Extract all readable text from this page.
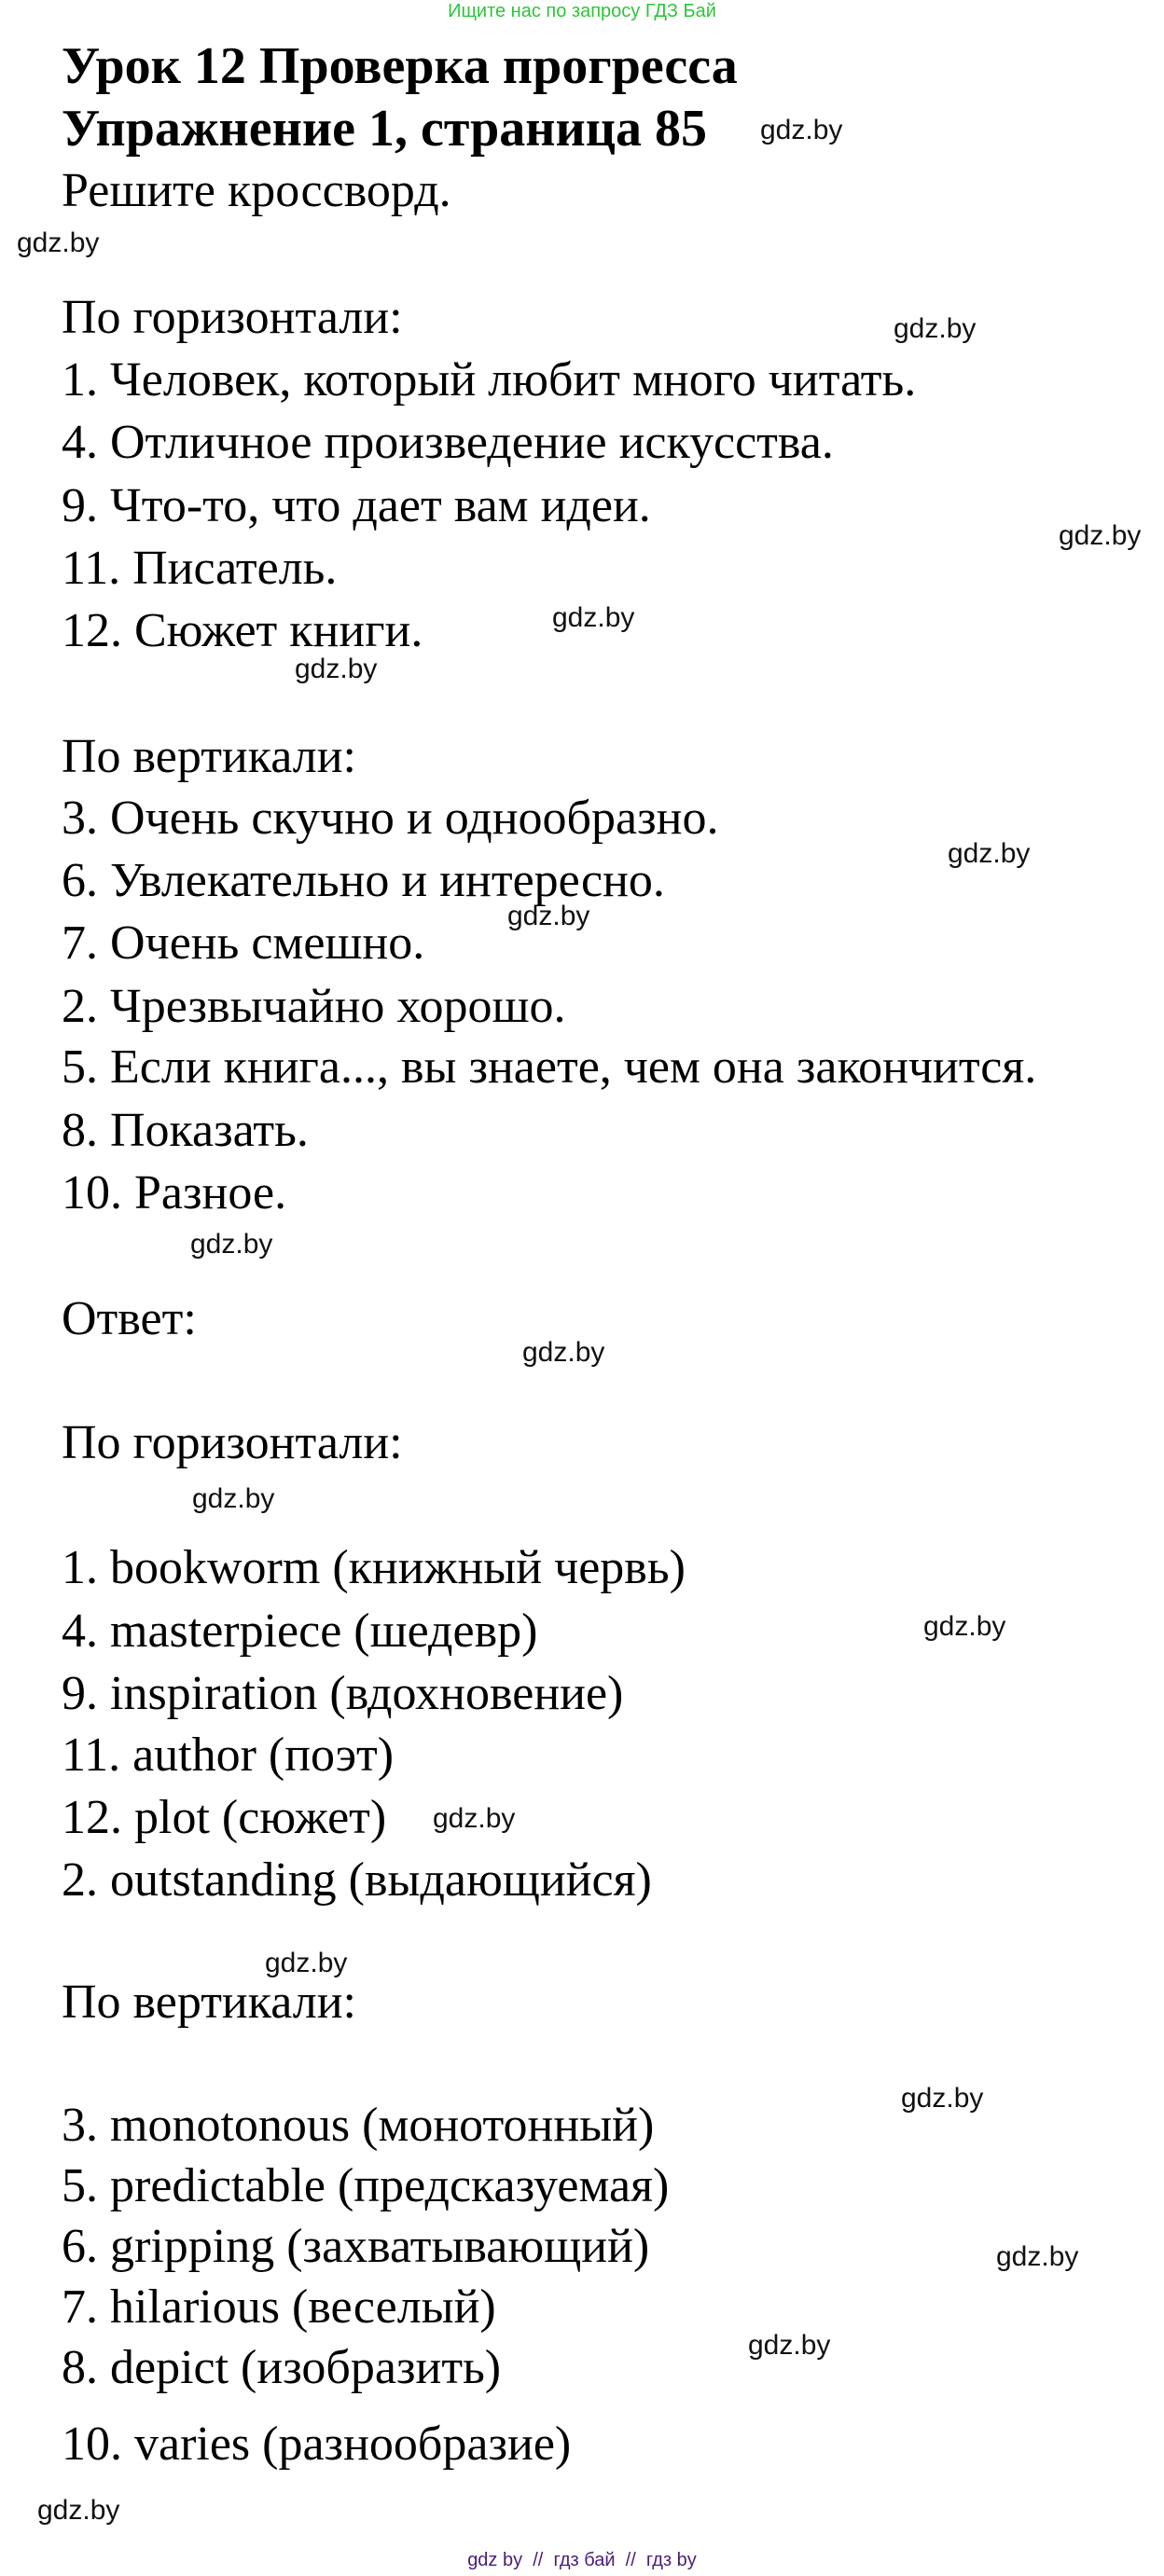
Ищите нас по запросу ГДЗ Бай
Урок 12 Проверка прогресса
Упражнение 1, страница 85
Решите кроссворд.
По горизонтали:
1. Человек, который любит много читать.
4. Отличное произведение искусства.
9. Что-то, что дает вам идеи.
11. Писатель.
12. Сюжет книги.
По вертикали:
3. Очень скучно и однообразно.
6. Увлекательно и интересно.
7. Очень смешно.
2. Чрезвычайно хорошо.
5. Если книга..., вы знаете, чем она закончится.
8. Показать.
10. Разное.
Ответ:
По горизонтали:
1. bookworm (книжный червь)
4. masterpiece (шедевр)
9. inspiration (вдохновение)
11. author (поэт)
12. plot (сюжет)
2. outstanding (выдающийся)
По вертикали:
3. monotonous (монотонный)
5. predictable (предсказуемая)
6. gripping (захватывающий)
7. hilarious (веселый)
8. depict (изобразить)
10. varies (разнообразие)
gdz.by
gdz.by
gdz.by
gdz.by
gdz.by
gdz.by
gdz.by
gdz.by
gdz.by
gdz.by
gdz.by
gdz.by
gdz.by
gdz.by
gdz.by
gdz.by
gdz.by
gdz.by
gdz by  //  гдз бай  //  гдз by
